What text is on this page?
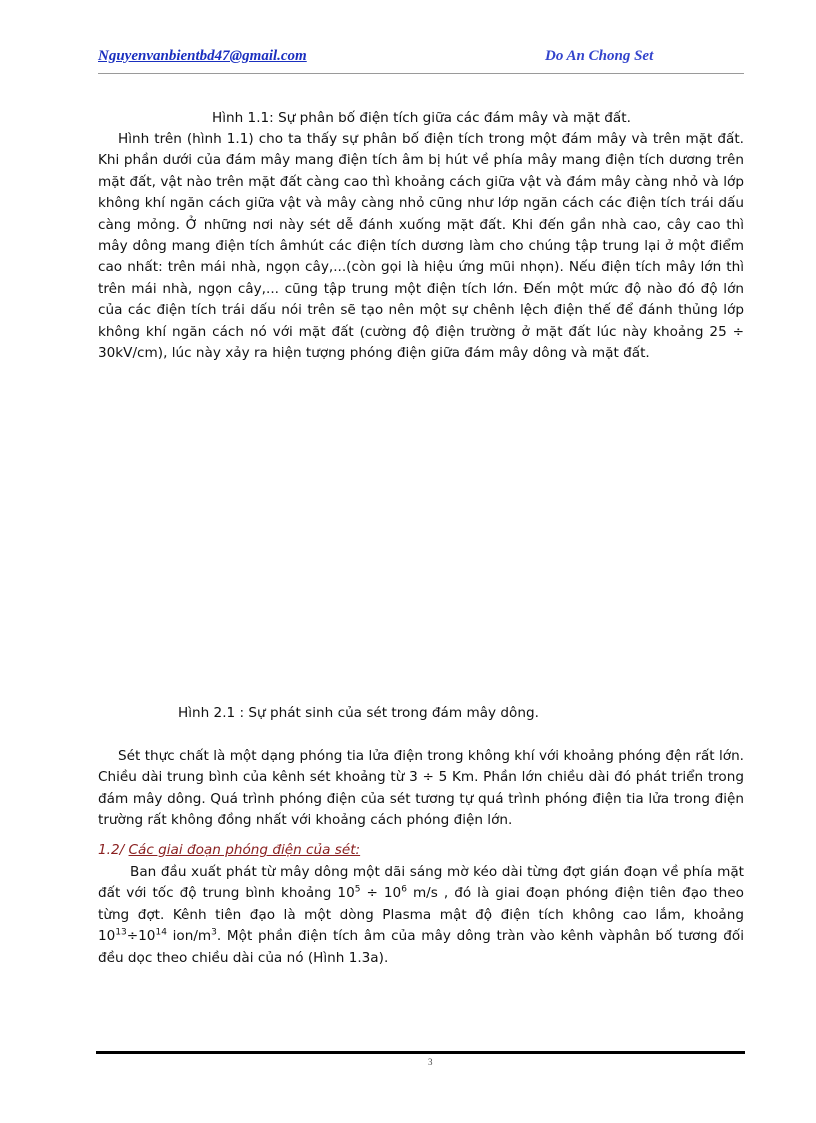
Nguyenvanbientbd47@gmail.com	Do An Chong Set
Hình 1.1: Sự phân bố điện tích giữa các đám mây và mặt đất.
Hình trên (hình 1.1) cho ta thấy sự phân bố điện tích trong một đám mây và trên mặt đất. Khi phần dưới của đám mây mang điện tích âm bị hút về phía mây mang điện tích dương trên mặt đất, vật nào trên mặt đất càng cao thì khoảng cách giữa vật và đám mây càng nhỏ và lớp không khí ngăn cách giữa vật và mây càng nhỏ cũng như lớp ngăn cách các điện tích trái dấu càng mỏng. Ở những nơi này sét dễ đánh xuống mặt đất. Khi đến gần nhà cao, cây cao thì mây dông mang điện tích âmhút các điện tích dương làm cho chúng tập trung lại ở một điểm cao nhất: trên mái nhà, ngọn cây,...(còn gọi là hiệu ứng mũi nhọn). Nếu điện tích mây lớn thì trên mái nhà, ngọn cây,... cũng tập trung một điện tích lớn. Đến một mức độ nào đó độ lớn của các điện tích trái dấu nói trên sẽ tạo nên một sự chênh lệch điện thế để đánh thủng lớp không khí ngăn cách nó với mặt đất (cường độ điện trường ở mặt đất lúc này khoảng 25 ÷ 30kV/cm), lúc này xảy ra hiện tượng phóng điện giữa đám mây dông và mặt đất.
Hình 2.1 : Sự phát sinh của sét trong đám mây dông.
Sét thực chất là một dạng phóng tia lửa điện trong không khí với khoảng phóng đện rất lớn. Chiều dài trung bình của kênh sét khoảng từ 3 ÷ 5 Km. Phần lớn chiều dài đó phát triển trong đám mây dông. Quá trình phóng điện của sét tương tự quá trình phóng điện tia lửa trong điện trường rất không đồng nhất với khoảng cách phóng điện lớn.
1.2/ Các giai đoạn phóng điện của sét:
Ban đầu xuất phát từ mây dông một dãi sáng mờ kéo dài từng đợt gián đoạn về phía mặt đất với tốc độ trung bình khoảng $10^5 \div 10^6$ m/s , đó là giai đoạn phóng điện tiên đạo theo từng đợt. Kênh tiên đạo là một dòng Plasma mật độ điện tích không cao lắm, khoảng $10^{13}\div 10^{14}$ ion/$m^3$. Một phần điện tích âm của mây dông tràn vào kênh vàphân bố tương đối đều dọc theo chiều dài của nó (Hình 1.3a).
3
